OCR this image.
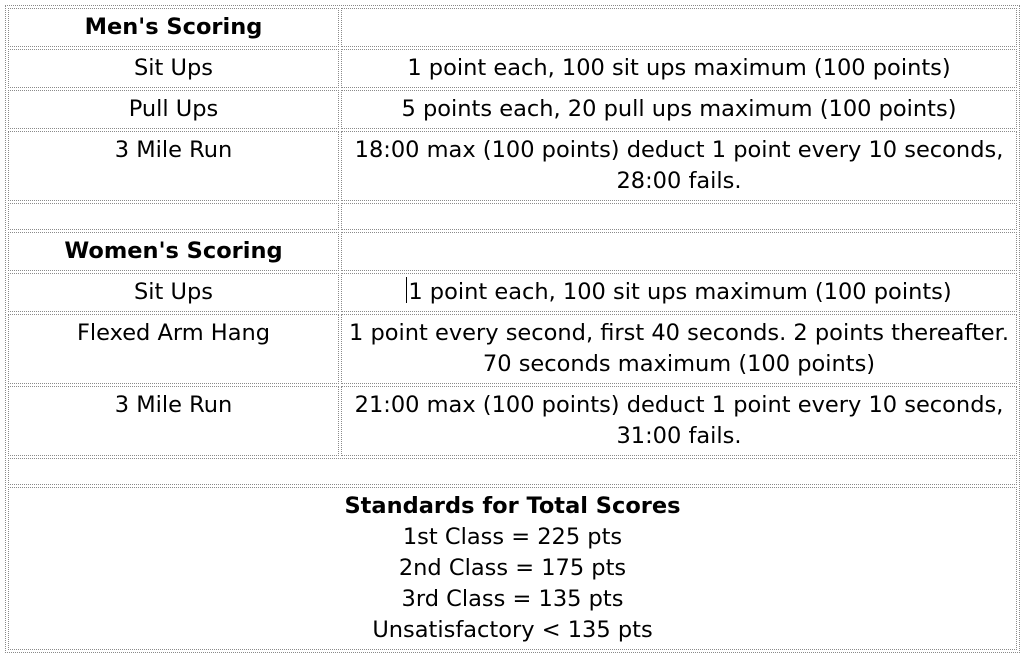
Men's Scoring	
Sit Ups	1 point each, 100 sit ups maximum (100 points)
Pull Ups	5 points each, 20 pull ups maximum (100 points)
3 Mile Run	18:00 max (100 points) deduct 1 point every 10 seconds, 28:00 fails.

Women's Scoring	
Sit Ups	1 point each, 100 sit ups maximum (100 points)
Flexed Arm Hang	1 point every second, first 40 seconds. 2 points thereafter. 70 seconds maximum (100 points)
3 Mile Run	21:00 max (100 points) deduct 1 point every 10 seconds, 31:00 fails.

Standards for Total Scores
1st Class = 225 pts
2nd Class = 175 pts
3rd Class = 135 pts
Unsatisfactory < 135 pts	
